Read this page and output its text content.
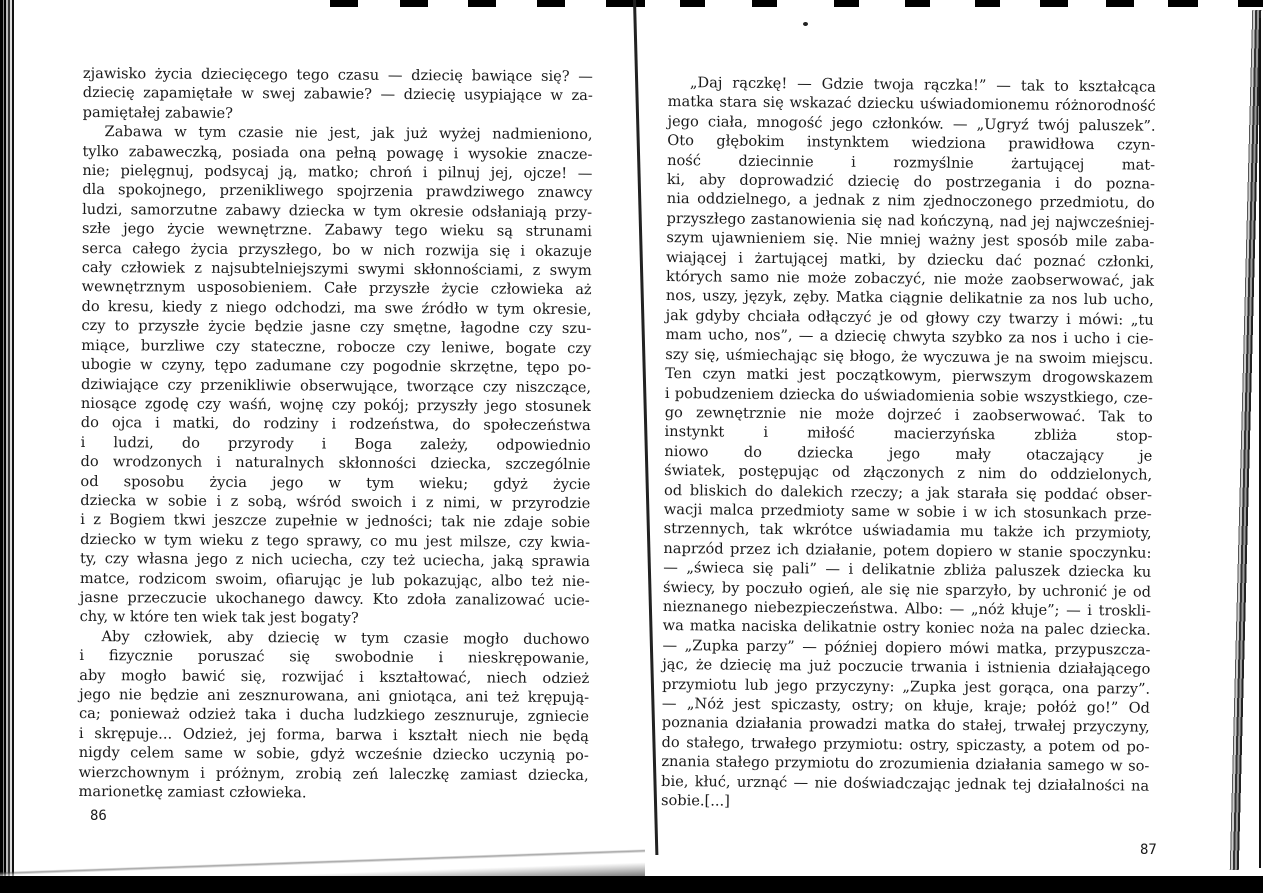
zjawisko życia dziecięcego tego czasu — dziecię bawiące się? —
dziecię zapamiętałe w swej zabawie? — dziecię usypiające w za-
pamiętałej zabawie?
Zabawa w tym czasie nie jest, jak już wyżej nadmieniono,
tylko zabaweczką, posiada ona pełną powagę i wysokie znacze-
nie; pielęgnuj, podsycaj ją, matko; chroń i pilnuj jej, ojcze! —
dla spokojnego, przenikliwego spojrzenia prawdziwego znawcy
ludzi, samorzutne zabawy dziecka w tym okresie odsłaniają przy-
szłe jego życie wewnętrzne. Zabawy tego wieku są strunami
serca całego życia przyszłego, bo w nich rozwija się i okazuje
cały człowiek z najsubtelniejszymi swymi skłonnościami, z swym
wewnętrznym usposobieniem. Całe przyszłe życie człowieka aż
do kresu, kiedy z niego odchodzi, ma swe źródło w tym okresie,
czy to przyszłe życie będzie jasne czy smętne, łagodne czy szu-
miące, burzliwe czy stateczne, robocze czy leniwe, bogate czy
ubogie w czyny, tępo zadumane czy pogodnie skrzętne, tępo po-
dziwiające czy przenikliwie obserwujące, tworzące czy niszczące,
niosące zgodę czy waśń, wojnę czy pokój; przyszły jego stosunek
do ojca i matki, do rodziny i rodzeństwa, do społeczeństwa
i ludzi, do przyrody i Boga zależy, odpowiednio
do wrodzonych i naturalnych skłonności dziecka, szczególnie
od sposobu życia jego w tym wieku; gdyż życie
dziecka w sobie i z sobą, wśród swoich i z nimi, w przyrodzie
i z Bogiem tkwi jeszcze zupełnie w jedności; tak nie zdaje sobie
dziecko w tym wieku z tego sprawy, co mu jest milsze, czy kwia-
ty, czy własna jego z nich uciecha, czy też uciecha, jaką sprawia
matce, rodzicom swoim, ofiarując je lub pokazując, albo też nie-
jasne przeczucie ukochanego dawcy. Kto zdoła zanalizować ucie-
chy, w które ten wiek tak jest bogaty?
Aby człowiek, aby dziecię w tym czasie mogło duchowo
i fizycznie poruszać się swobodnie i nieskrępowanie,
aby mogło bawić się, rozwijać i kształtować, niech odzież
jego nie będzie ani zesznurowana, ani gniotąca, ani też krępują-
ca; ponieważ odzież taka i ducha ludzkiego zesznuruje, zgniecie
i skrępuje... Odzież, jej forma, barwa i kształt niech nie będą
nigdy celem same w sobie, gdyż wcześnie dziecko uczynią po-
wierzchownym i próżnym, zrobią zeń laleczkę zamiast dziecka,
marionetkę zamiast człowieka.
86
„Daj rączkę! — Gdzie twoja rączka!” — tak to kształcąca
matka stara się wskazać dziecku uświadomionemu różnorodność
jego ciała, mnogość jego członków. — „Ugryź twój paluszek”.
Oto głębokim instynktem wiedziona prawidłowa czyn-
ność dziecinnie i rozmyślnie żartującej mat-
ki, aby doprowadzić dziecię do postrzegania i do pozna-
nia oddzielnego, a jednak z nim zjednoczonego przedmiotu, do
przyszłego zastanowienia się nad kończyną, nad jej najwcześniej-
szym ujawnieniem się. Nie mniej ważny jest sposób mile zaba-
wiającej i żartującej matki, by dziecku dać poznać członki,
których samo nie może zobaczyć, nie może zaobserwować, jak
nos, uszy, język, zęby. Matka ciągnie delikatnie za nos lub ucho,
jak gdyby chciała odłączyć je od głowy czy twarzy i mówi: „tu
mam ucho, nos”, — a dziecię chwyta szybko za nos i ucho i cie-
szy się, uśmiechając się błogo, że wyczuwa je na swoim miejscu.
Ten czyn matki jest początkowym, pierwszym drogowskazem
i pobudzeniem dziecka do uświadomienia sobie wszystkiego, cze-
go zewnętrznie nie może dojrzeć i zaobserwować. Tak to
instynkt i miłość macierzyńska zbliża stop-
niowo do dziecka jego mały otaczający je
światek, postępując od złączonych z nim do oddzielonych,
od bliskich do dalekich rzeczy; a jak starała się poddać obser-
wacji malca przedmioty same w sobie i w ich stosunkach prze-
strzennych, tak wkrótce uświadamia mu także ich przymioty,
naprzód przez ich działanie, potem dopiero w stanie spoczynku:
— „świeca się pali” — i delikatnie zbliża paluszek dziecka ku
świecy, by poczuło ogień, ale się nie sparzyło, by uchronić je od
nieznanego niebezpieczeństwa. Albo: — „nóż kłuje”; — i troskli-
wa matka naciska delikatnie ostry koniec noża na palec dziecka.
— „Zupka parzy” — później dopiero mówi matka, przypuszcza-
jąc, że dziecię ma już poczucie trwania i istnienia działającego
przymiotu lub jego przyczyny: „Zupka jest gorąca, ona parzy”.
— „Nóż jest spiczasty, ostry; on kłuje, kraje; połóż go!” Od
poznania działania prowadzi matka do stałej, trwałej przyczyny,
do stałego, trwałego przymiotu: ostry, spiczasty, a potem od po-
znania stałego przymiotu do zrozumienia działania samego w so-
bie, kłuć, urznąć — nie doświadczając jednak tej działalności na
sobie.[...]
87
